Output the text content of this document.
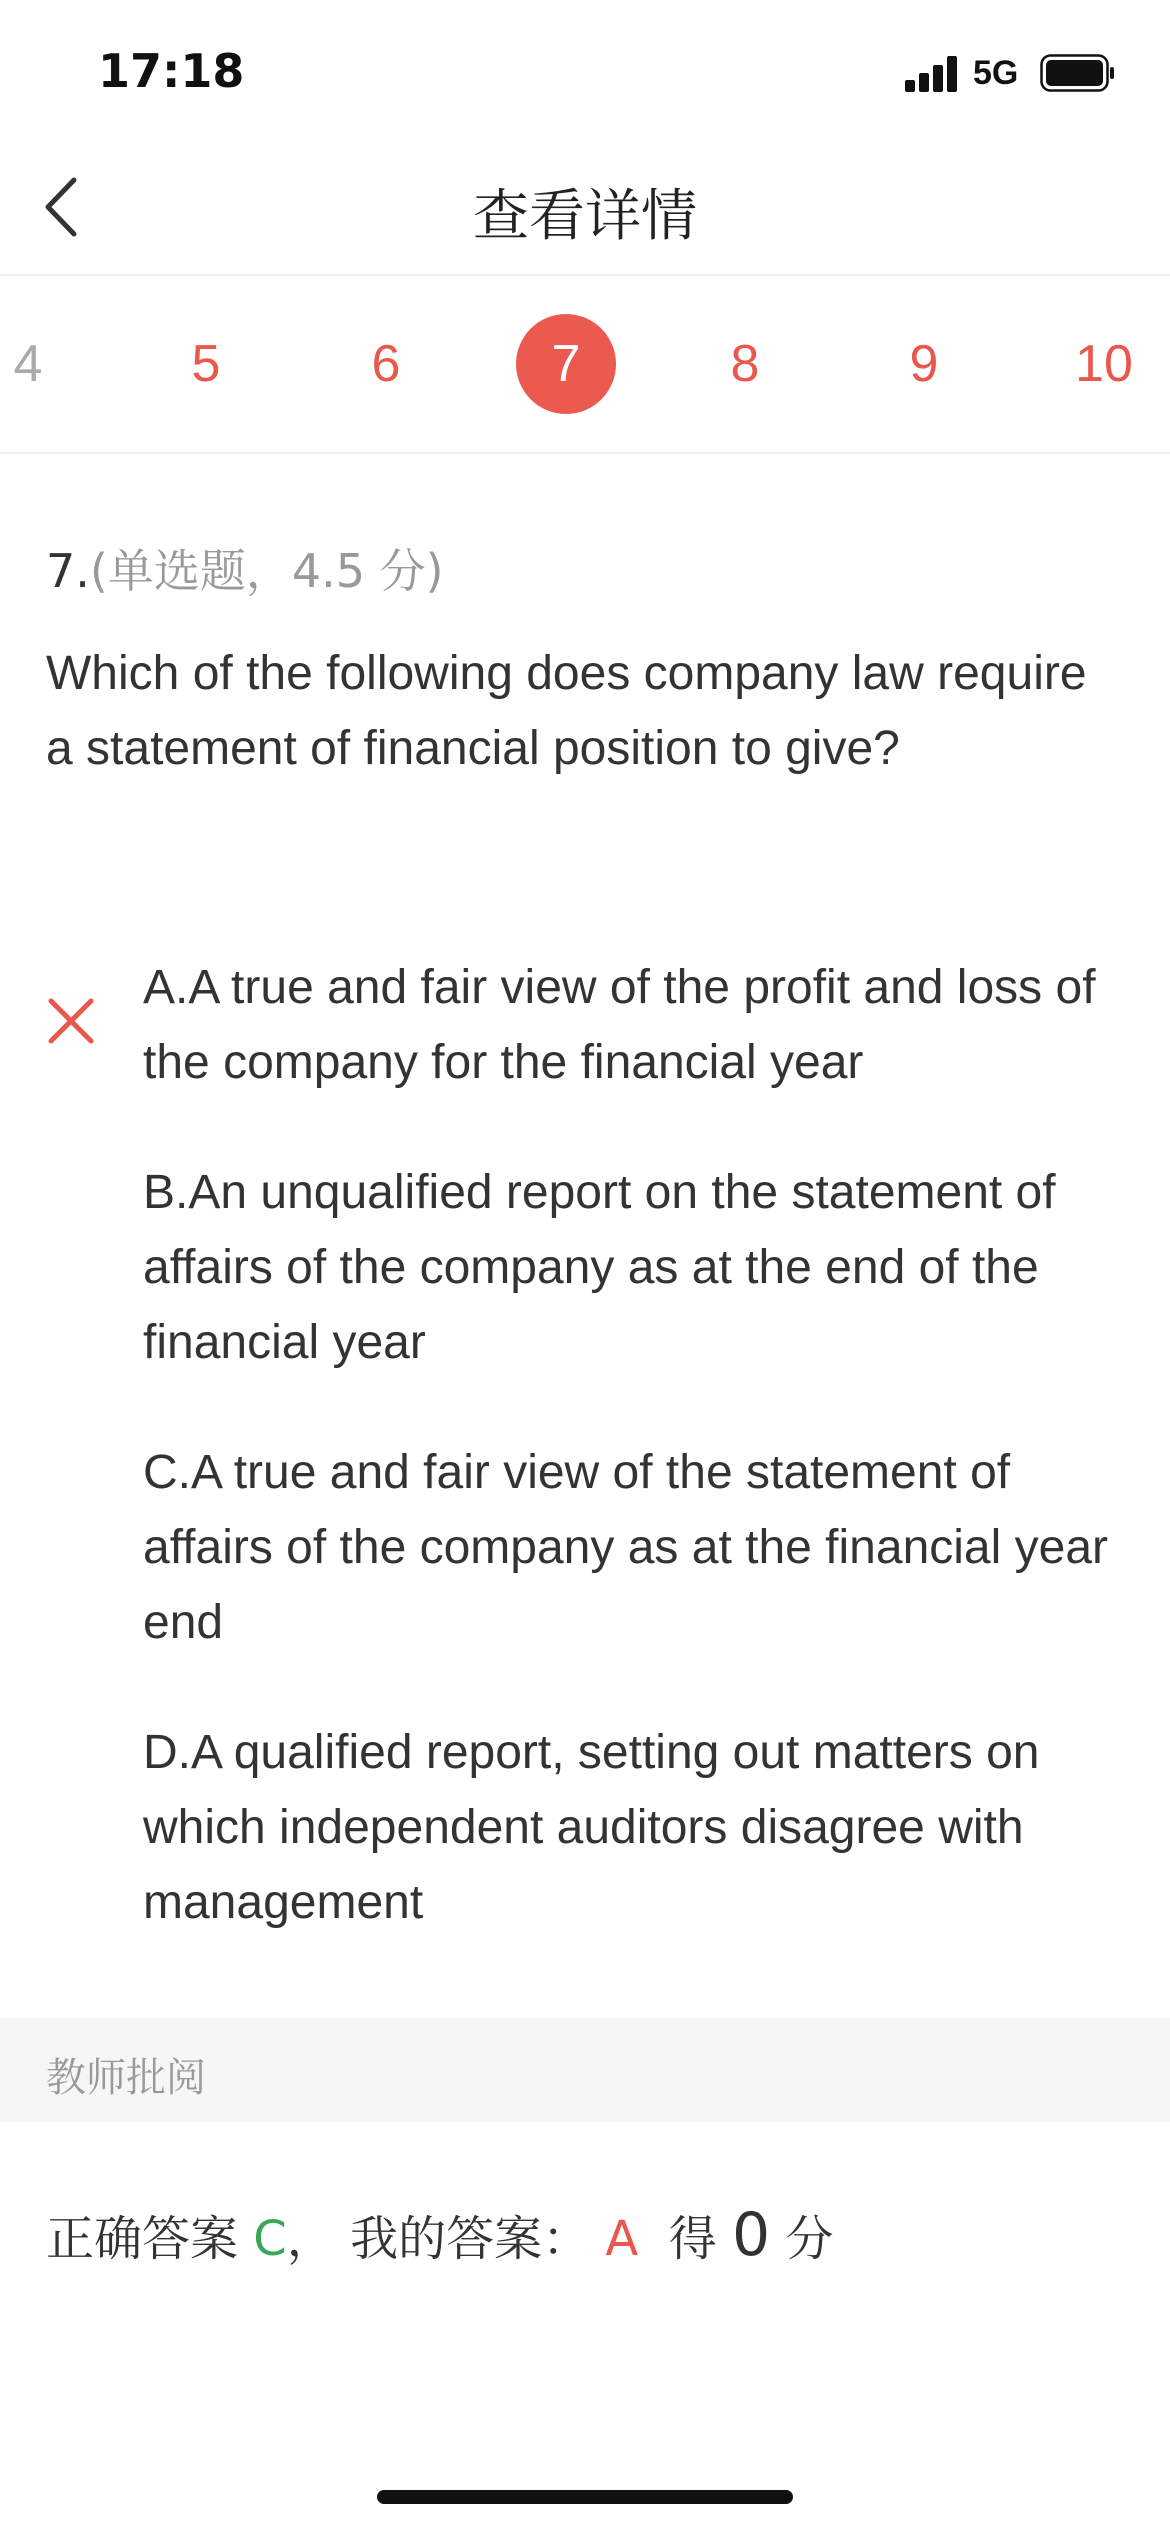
17:18	5G
查看详情
4	5	6	7	8	9	10
7.(单选题，4.5 分)
Which of the following does company law require a statement of financial position to give?
A.A true and fair view of the profit and loss of the company for the financial year
B.An unqualified report on the statement of affairs of the company as at the end of the financial year
C.A true and fair view of the statement of affairs of the company as at the financial year end
D.A qualified report, setting out matters on which independent auditors disagree with management
教师批阅
正确答案 C， 我的答案： A 得 0 分
